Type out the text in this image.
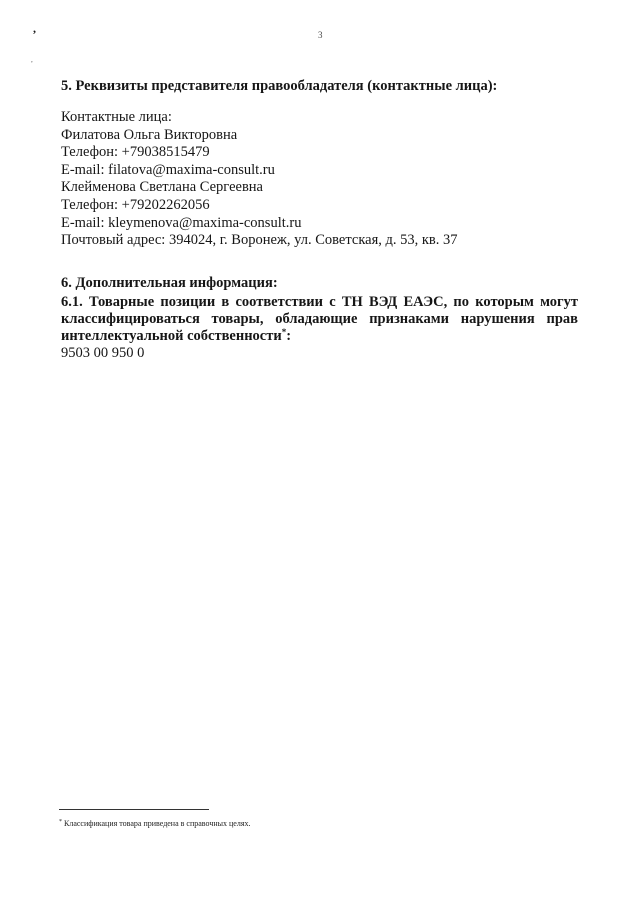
,
,
3
5. Реквизиты представителя правообладателя (контактные лица):
Контактные лица:
Филатова Ольга Викторовна
Телефон: +79038515479
E-mail: filatova@maxima-consult.ru
Клейменова Светлана Сергеевна
Телефон: +79202262056
E-mail: kleymenova@maxima-consult.ru
Почтовый адрес: 394024, г. Воронеж, ул. Советская, д. 53, кв. 37
6. Дополнительная информация:
6.1. Товарные позиции в соответствии с ТН ВЭД ЕАЭС, по которым могут
классифицироваться товары, обладающие признаками нарушения прав
интеллектуальной собственности*:
9503 00 950 0
* Классификация товара приведена в справочных целях.
